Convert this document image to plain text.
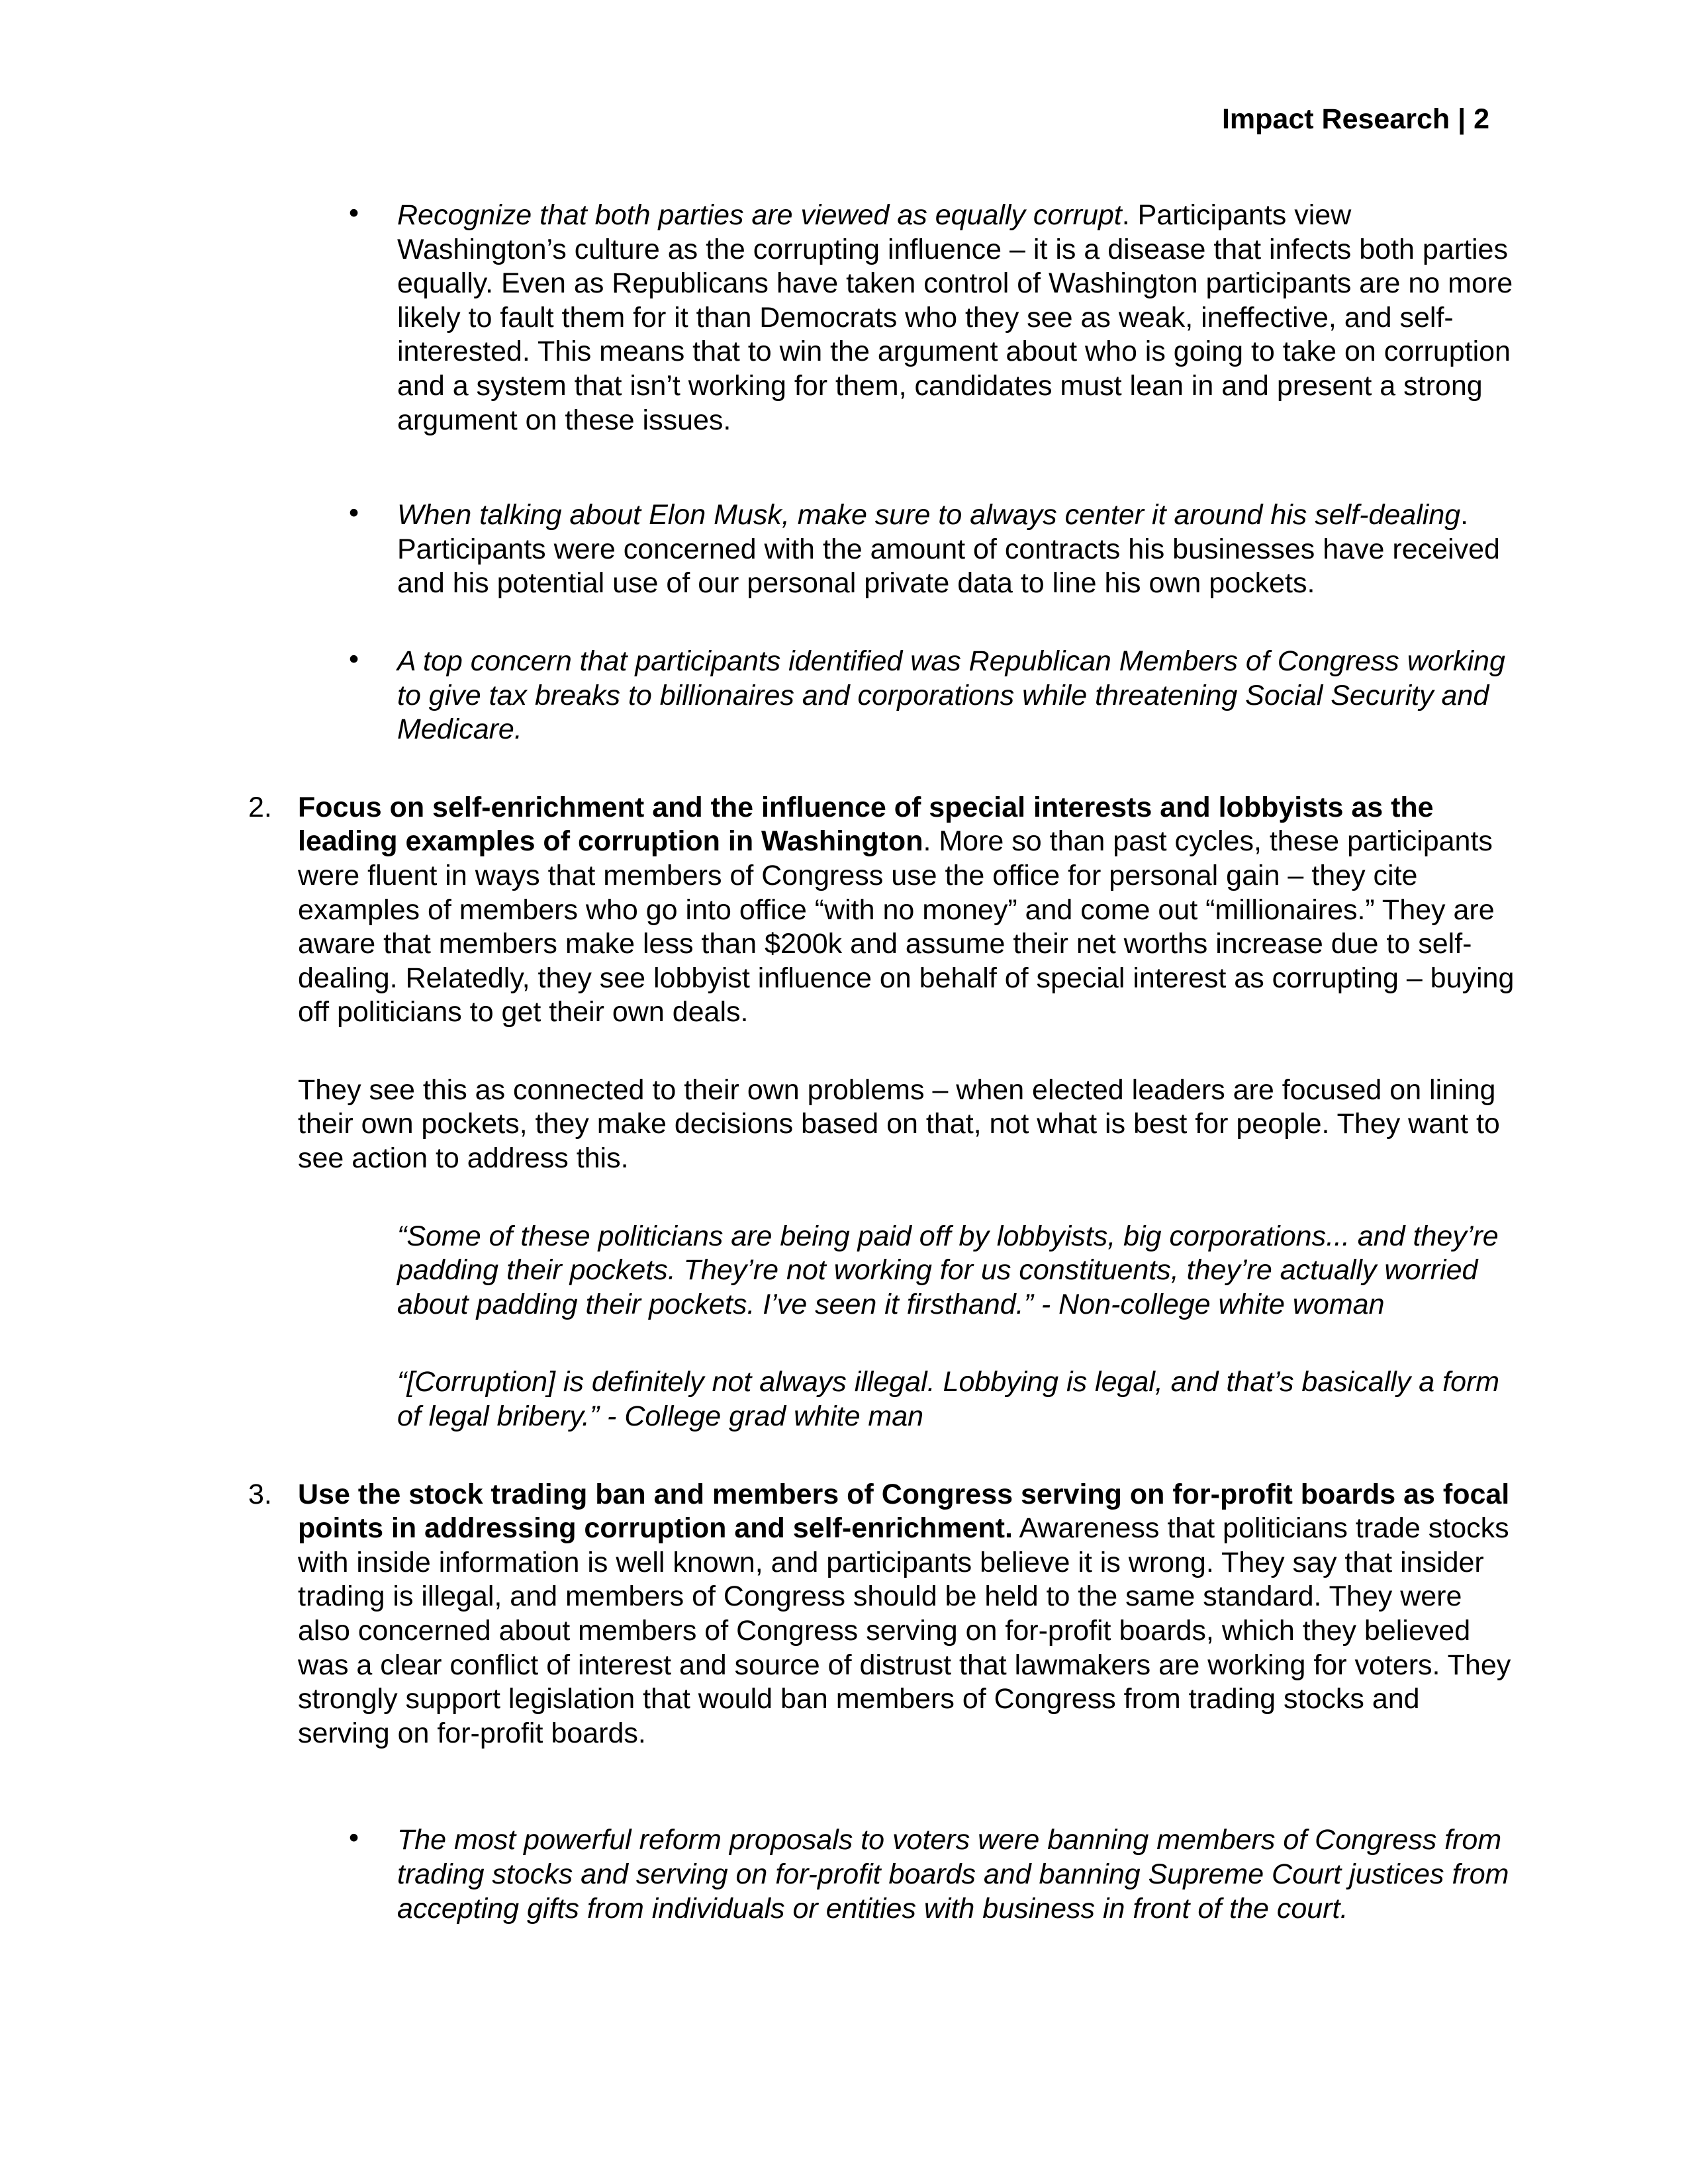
Impact Research | 2
• Recognize that both parties are viewed as equally corrupt. Participants view Washington’s culture as the corrupting influence – it is a disease that infects both parties equally. Even as Republicans have taken control of Washington participants are no more likely to fault them for it than Democrats who they see as weak, ineffective, and self-interested. This means that to win the argument about who is going to take on corruption and a system that isn’t working for them, candidates must lean in and present a strong argument on these issues.
• When talking about Elon Musk, make sure to always center it around his self-dealing. Participants were concerned with the amount of contracts his businesses have received and his potential use of our personal private data to line his own pockets.
• A top concern that participants identified was Republican Members of Congress working to give tax breaks to billionaires and corporations while threatening Social Security and Medicare.
2. Focus on self-enrichment and the influence of special interests and lobbyists as the leading examples of corruption in Washington. More so than past cycles, these participants were fluent in ways that members of Congress use the office for personal gain – they cite examples of members who go into office “with no money” and come out “millionaires.” They are aware that members make less than $200k and assume their net worths increase due to self-dealing. Relatedly, they see lobbyist influence on behalf of special interest as corrupting – buying off politicians to get their own deals.
They see this as connected to their own problems – when elected leaders are focused on lining their own pockets, they make decisions based on that, not what is best for people. They want to see action to address this.
“Some of these politicians are being paid off by lobbyists, big corporations... and they’re padding their pockets. They’re not working for us constituents, they’re actually worried about padding their pockets. I’ve seen it firsthand.” - Non-college white woman
“[Corruption] is definitely not always illegal. Lobbying is legal, and that’s basically a form of legal bribery.” - College grad white man
3. Use the stock trading ban and members of Congress serving on for-profit boards as focal points in addressing corruption and self-enrichment. Awareness that politicians trade stocks with inside information is well known, and participants believe it is wrong. They say that insider trading is illegal, and members of Congress should be held to the same standard. They were also concerned about members of Congress serving on for-profit boards, which they believed was a clear conflict of interest and source of distrust that lawmakers are working for voters. They strongly support legislation that would ban members of Congress from trading stocks and serving on for-profit boards.
• The most powerful reform proposals to voters were banning members of Congress from trading stocks and serving on for-profit boards and banning Supreme Court justices from accepting gifts from individuals or entities with business in front of the court.
